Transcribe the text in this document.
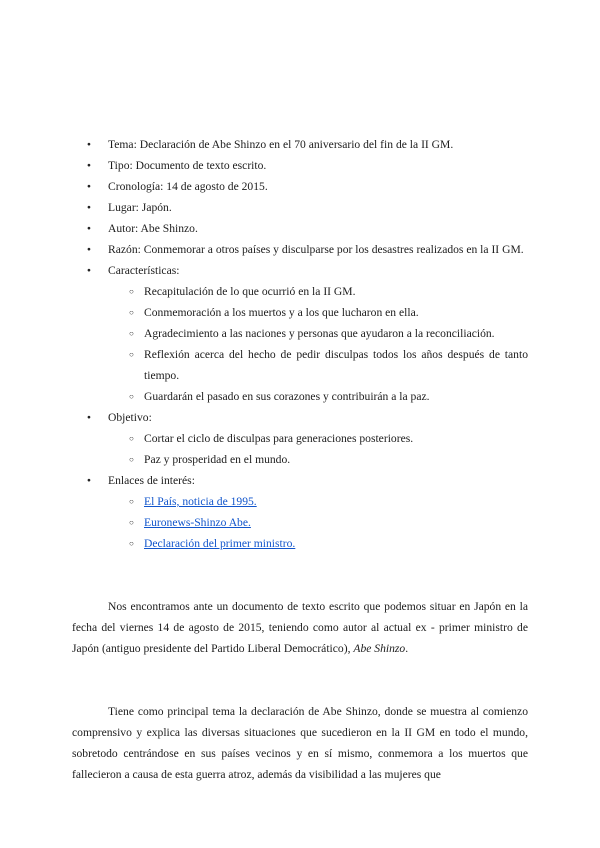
● Tema: Declaración de Abe Shinzo en el 70 aniversario del fin de la II GM.
● Tipo: Documento de texto escrito.
● Cronología: 14 de agosto de 2015.
● Lugar: Japón.
● Autor: Abe Shinzo.
● Razón: Conmemorar a otros países y disculparse por los desastres realizados en la II GM.
● Características:
○ Recapitulación de lo que ocurrió en la II GM.
○ Conmemoración a los muertos y a los que lucharon en ella.
○ Agradecimiento a las naciones y personas que ayudaron a la reconciliación.
○ Reflexión acerca del hecho de pedir disculpas todos los años después de tanto tiempo.
○ Guardarán el pasado en sus corazones y contribuirán a la paz.
● Objetivo:
○ Cortar el ciclo de disculpas para generaciones posteriores.
○ Paz y prosperidad en el mundo.
● Enlaces de interés:
○ El País, noticia de 1995.
○ Euronews-Shinzo Abe.
○ Declaración del primer ministro.

Nos encontramos ante un documento de texto escrito que podemos situar en Japón en la fecha del viernes 14 de agosto de 2015, teniendo como autor al actual ex - primer ministro de Japón (antiguo presidente del Partido Liberal Democrático), Abe Shinzo.

Tiene como principal tema la declaración de Abe Shinzo, donde se muestra al comienzo comprensivo y explica las diversas situaciones que sucedieron en la II GM en todo el mundo, sobretodo centrándose en sus países vecinos y en sí mismo, conmemora a los muertos que fallecieron a causa de esta guerra atroz, además da visibilidad a las mujeres que
